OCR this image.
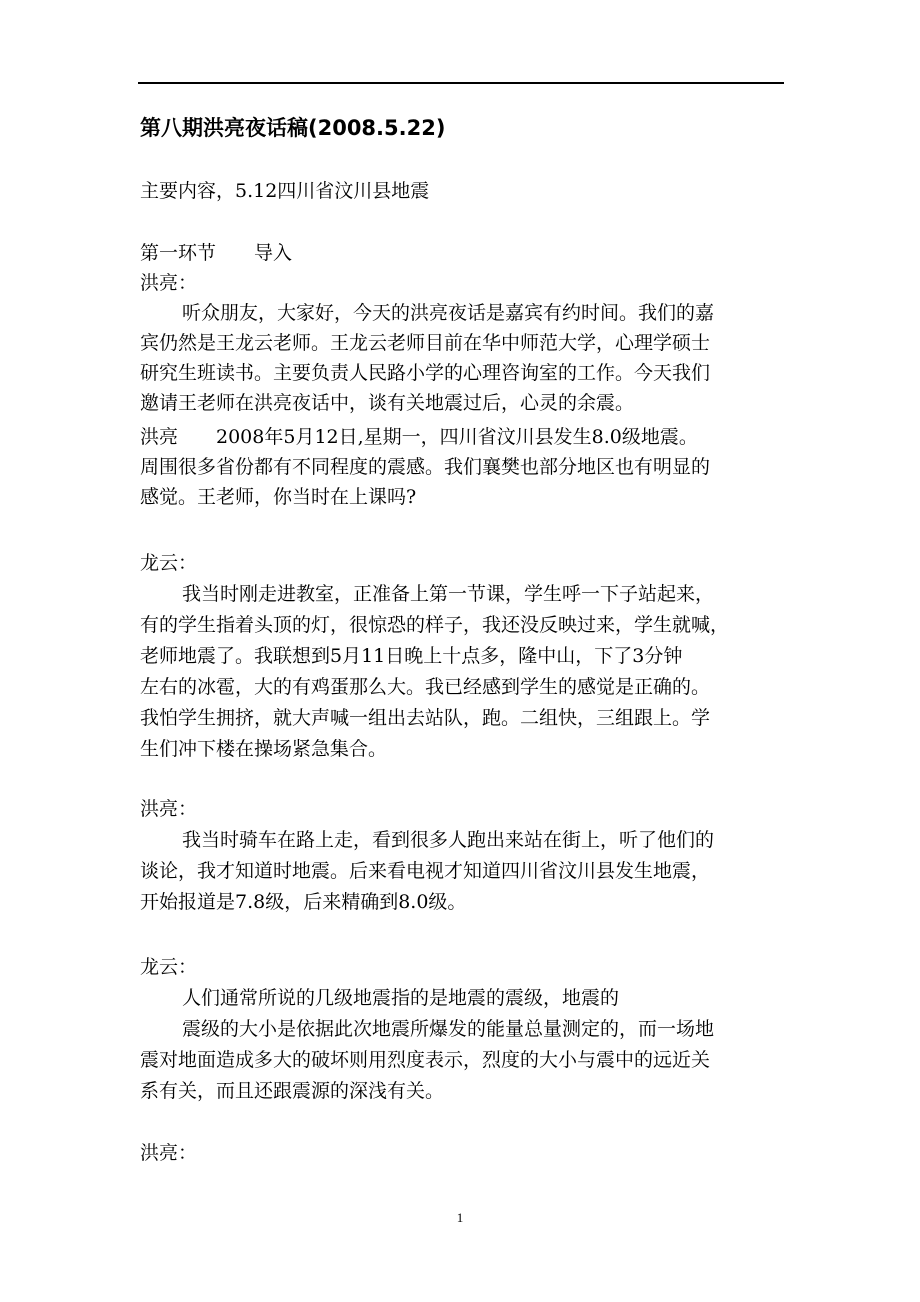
第八期洪亮夜话稿(2008.5.22)
主要内容，5.12四川省汶川县地震
第一环节　　导入
洪亮：
听众朋友，大家好，今天的洪亮夜话是嘉宾有约时间。我们的嘉
宾仍然是王龙云老师。王龙云老师目前在华中师范大学，心理学硕士
研究生班读书。主要负责人民路小学的心理咨询室的工作。今天我们
邀请王老师在洪亮夜话中，谈有关地震过后，心灵的余震。
洪亮　　2008年5月12日,星期一，四川省汶川县发生8.0级地震。
周围很多省份都有不同程度的震感。我们襄樊也部分地区也有明显的
感觉。王老师，你当时在上课吗?
龙云：
我当时刚走进教室，正准备上第一节课，学生呼一下子站起来，
有的学生指着头顶的灯，很惊恐的样子，我还没反映过来，学生就喊，
老师地震了。我联想到5月11日晚上十点多，隆中山，下了3分钟
左右的冰雹，大的有鸡蛋那么大。我已经感到学生的感觉是正确的。
我怕学生拥挤，就大声喊一组出去站队，跑。二组快，三组跟上。学
生们冲下楼在操场紧急集合。
洪亮：
我当时骑车在路上走，看到很多人跑出来站在街上，听了他们的
谈论，我才知道时地震。后来看电视才知道四川省汶川县发生地震，
开始报道是7.8级，后来精确到8.0级。
龙云：
人们通常所说的几级地震指的是地震的震级，地震的
震级的大小是依据此次地震所爆发的能量总量测定的，而一场地
震对地面造成多大的破坏则用烈度表示，烈度的大小与震中的远近关
系有关，而且还跟震源的深浅有关。
洪亮：
1
